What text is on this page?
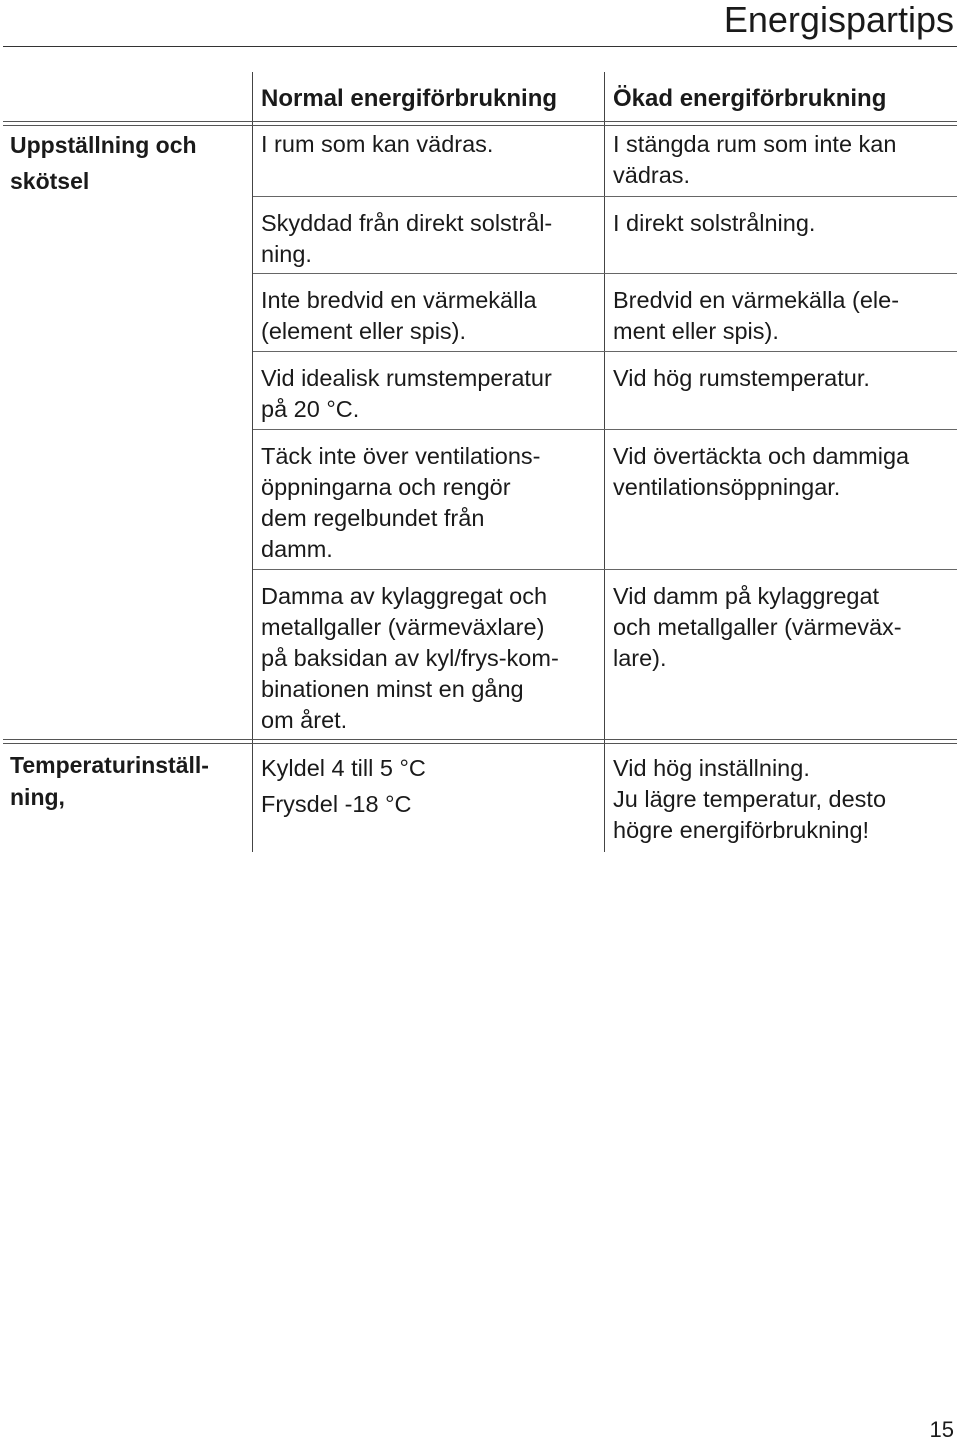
Energispartips
Normal energiförbrukning Ökad energiförbrukning
Uppställning och
skötsel
I rum som kan vädras.	I stängda rum som inte kan
vädras.
Skyddad från direkt solstrål-
ning.
I direkt solstrålning.
Inte bredvid en värmekälla
(element eller spis).
Bredvid en värmekälla (ele-
ment eller spis).
Vid idealisk rumstemperatur
på 20 °C.
Vid hög rumstemperatur.
Täck inte över ventilations-
öppningarna och rengör
dem regelbundet från
damm.
Vid övertäckta och dammiga
ventilationsöppningar.
Damma av kylaggregat och
metallgaller (värmeväxlare)
på baksidan av kyl/frys-kom-
binationen minst en gång
om året.
Vid damm på kylaggregat
och metallgaller (värmeväx-
lare).
Temperaturinställ-
ning,
Kyldel 4 till 5 °C
Frysdel -18 °C
Vid hög inställning.
Ju lägre temperatur, desto
högre energiförbrukning!
15
